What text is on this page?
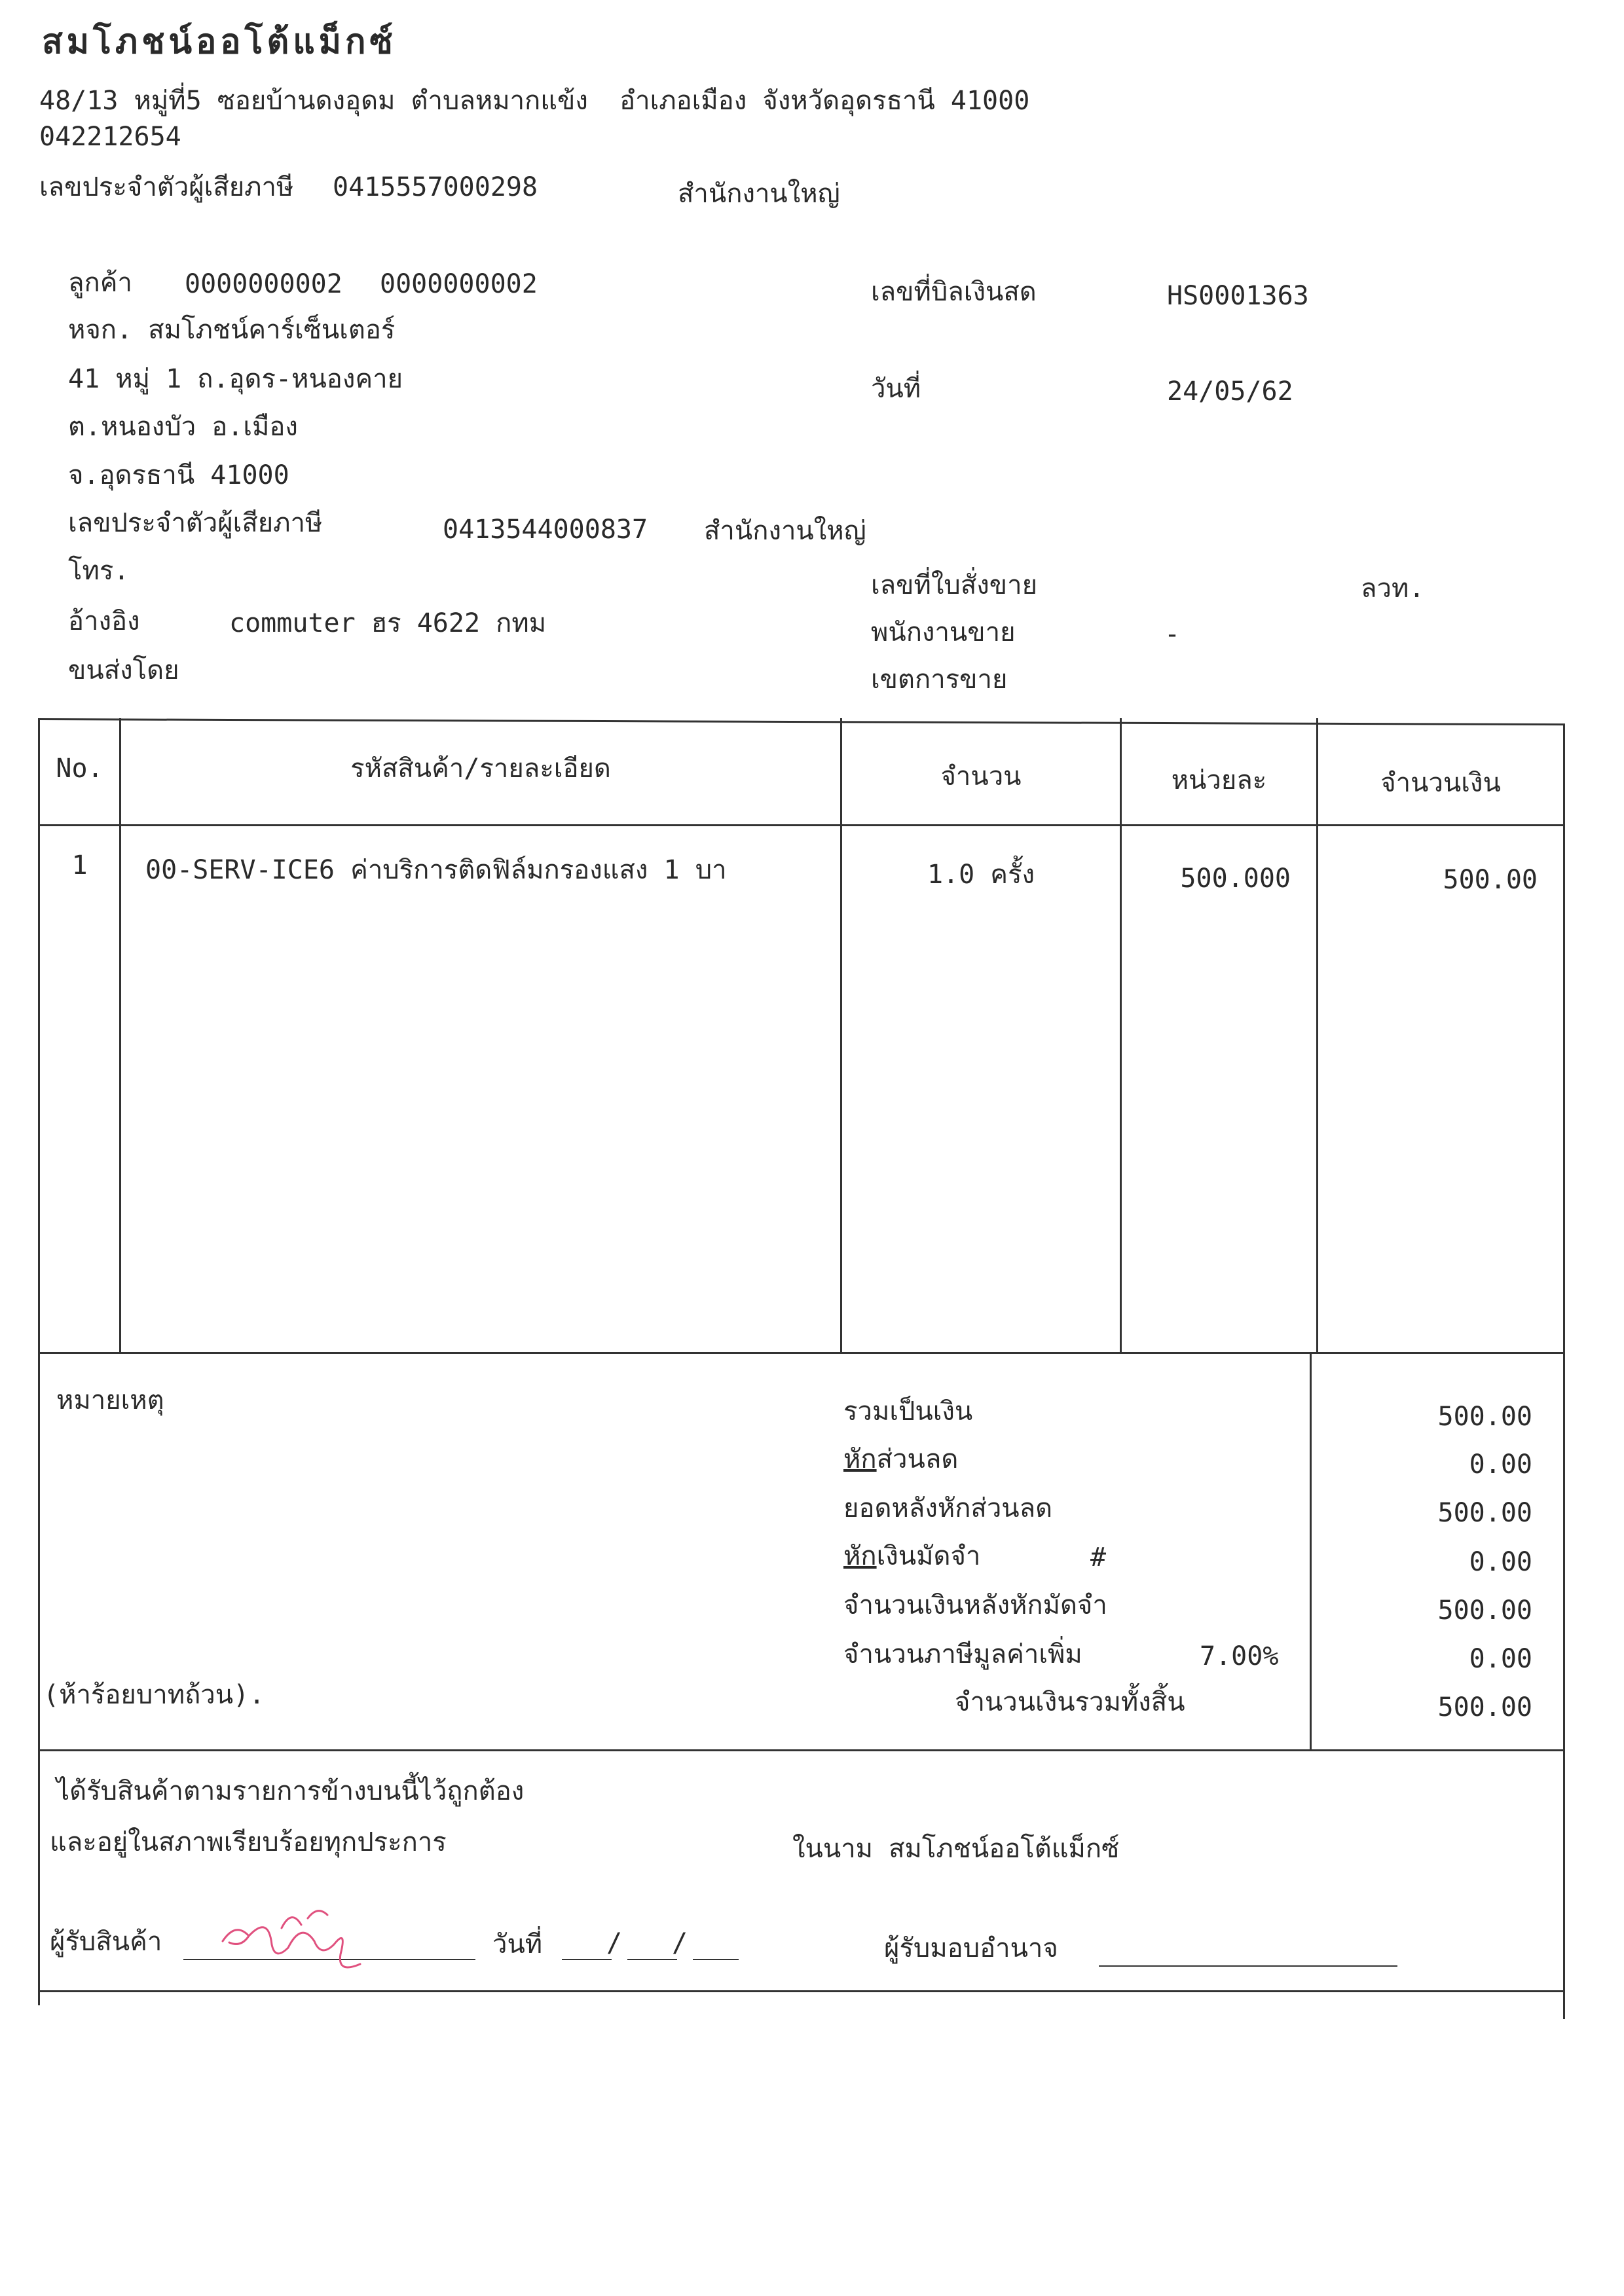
สมโภชน์ออโต้แม็กซ์
48/13 หมู่ที่5 ซอยบ้านดงอุดม ตำบลหมากแข้ง  อำเภอเมือง จังหวัดอุดรธานี 41000
042212654
เลขประจำตัวผู้เสียภาษี 0415557000298	สำนักงานใหญ่
ลูกค้า 0000000002 0000000002
หจก. สมโภชน์คาร์เซ็นเตอร์
41 หมู่ 1 ถ.อุดร-หนองคาย
ต.หนองบัว อ.เมือง
จ.อุดรธานี 41000
เลขประจำตัวผู้เสียภาษี	0413544000837 สำนักงานใหญ่
โทร.
อ้างอิง	commuter ฮร 4622 กทม
ขนส่งโดย
เลขที่บิลเงินสด	HS0001363
วันที่	24/05/62
เลขที่ใบสั่งขาย	ลวท.
พนักงานขาย	-
เขตการขาย
No.	รหัสสินค้า/รายละเอียด	จำนวน	หน่วยละ	จำนวนเงิน
1	00-SERV-ICE6 ค่าบริการติดฟิล์มกรองแสง 1 บา	1.0 ครั้ง	500.000	500.00
หมายเหตุ
(ห้าร้อยบาทถ้วน).
รวมเป็นเงิน	500.00
หักส่วนลด	0.00
ยอดหลังหักส่วนลด	500.00
หักเงินมัดจำ	#	0.00
จำนวนเงินหลังหักมัดจำ	500.00
จำนวนภาษีมูลค่าเพิ่ม	7.00%	0.00
จำนวนเงินรวมทั้งสิ้น	500.00
ได้รับสินค้าตามรายการข้างบนนี้ไว้ถูกต้อง
และอยู่ในสภาพเรียบร้อยทุกประการ	ในนาม สมโภชน์ออโต้แม็กซ์
ผู้รับสินค้า	วันที่ / /	ผู้รับมอบอำนาจ
